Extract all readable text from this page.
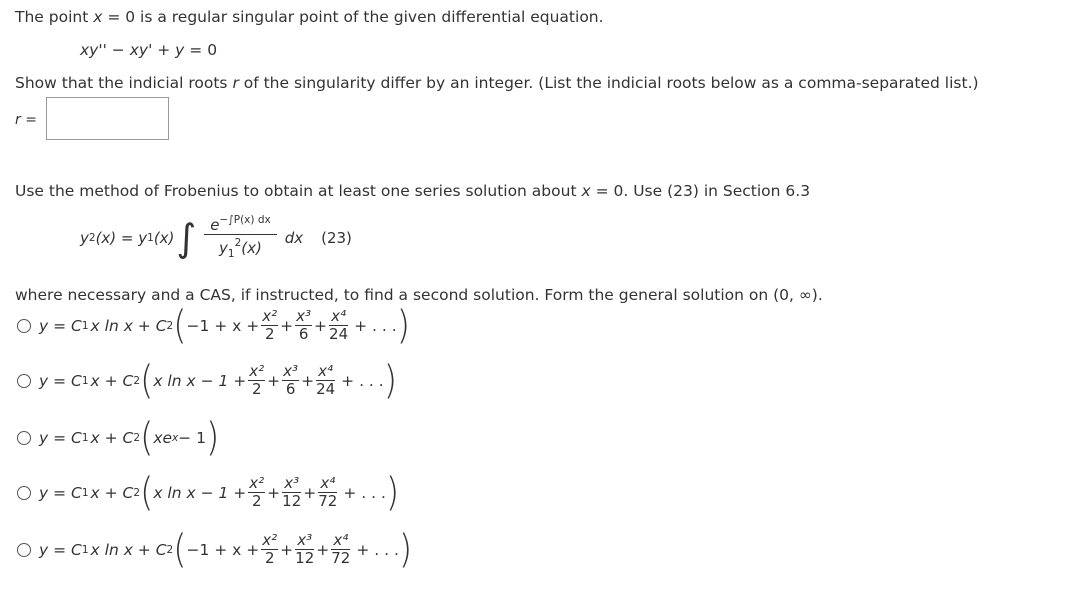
The point x = 0 is a regular singular point of the given differential equation.
xy'' − xy' + y = 0
Show that the indicial roots r of the singularity differ by an integer. (List the indicial roots below as a comma-separated list.)
r =
Use the method of Frobenius to obtain at least one series solution about x = 0. Use (23) in Section 6.3
y 2 (x) = y 1 (x) ∫ $\frac{e^{-\int P(x) dx}}{y_1^2(x)}$ dx (23)
where necessary and a CAS, if instructed, to find a second solution. Form the general solution on (0, ∞).
y = C 1 x ln x + C 2 ( $-1 + x + \frac{\text{x²}}{2} + \frac{\text{x³}}{6} + \frac{\text{x⁴}}{24}$ + . . . )
y = C 1 x + C 2 ( x $\ln x - 1 + \frac{\text{x²}}{2} + \frac{\text{x³}}{6} + \frac{\text{x⁴}}{24}$ + . . . )
y = C 1 x + C 2 ( xe x − 1 )
y = C 1 x + C 2 ( x $\ln x - 1 + \frac{\text{x²}}{2} + \frac{\text{x³}}{12} + \frac{\text{x⁴}}{72}$ + . . . )
y = C 1 x ln x + C 2 ( $-1 + x + \frac{\text{x²}}{2} + \frac{\text{x³}}{12} + \frac{\text{x⁴}}{72}$ + . . . )
